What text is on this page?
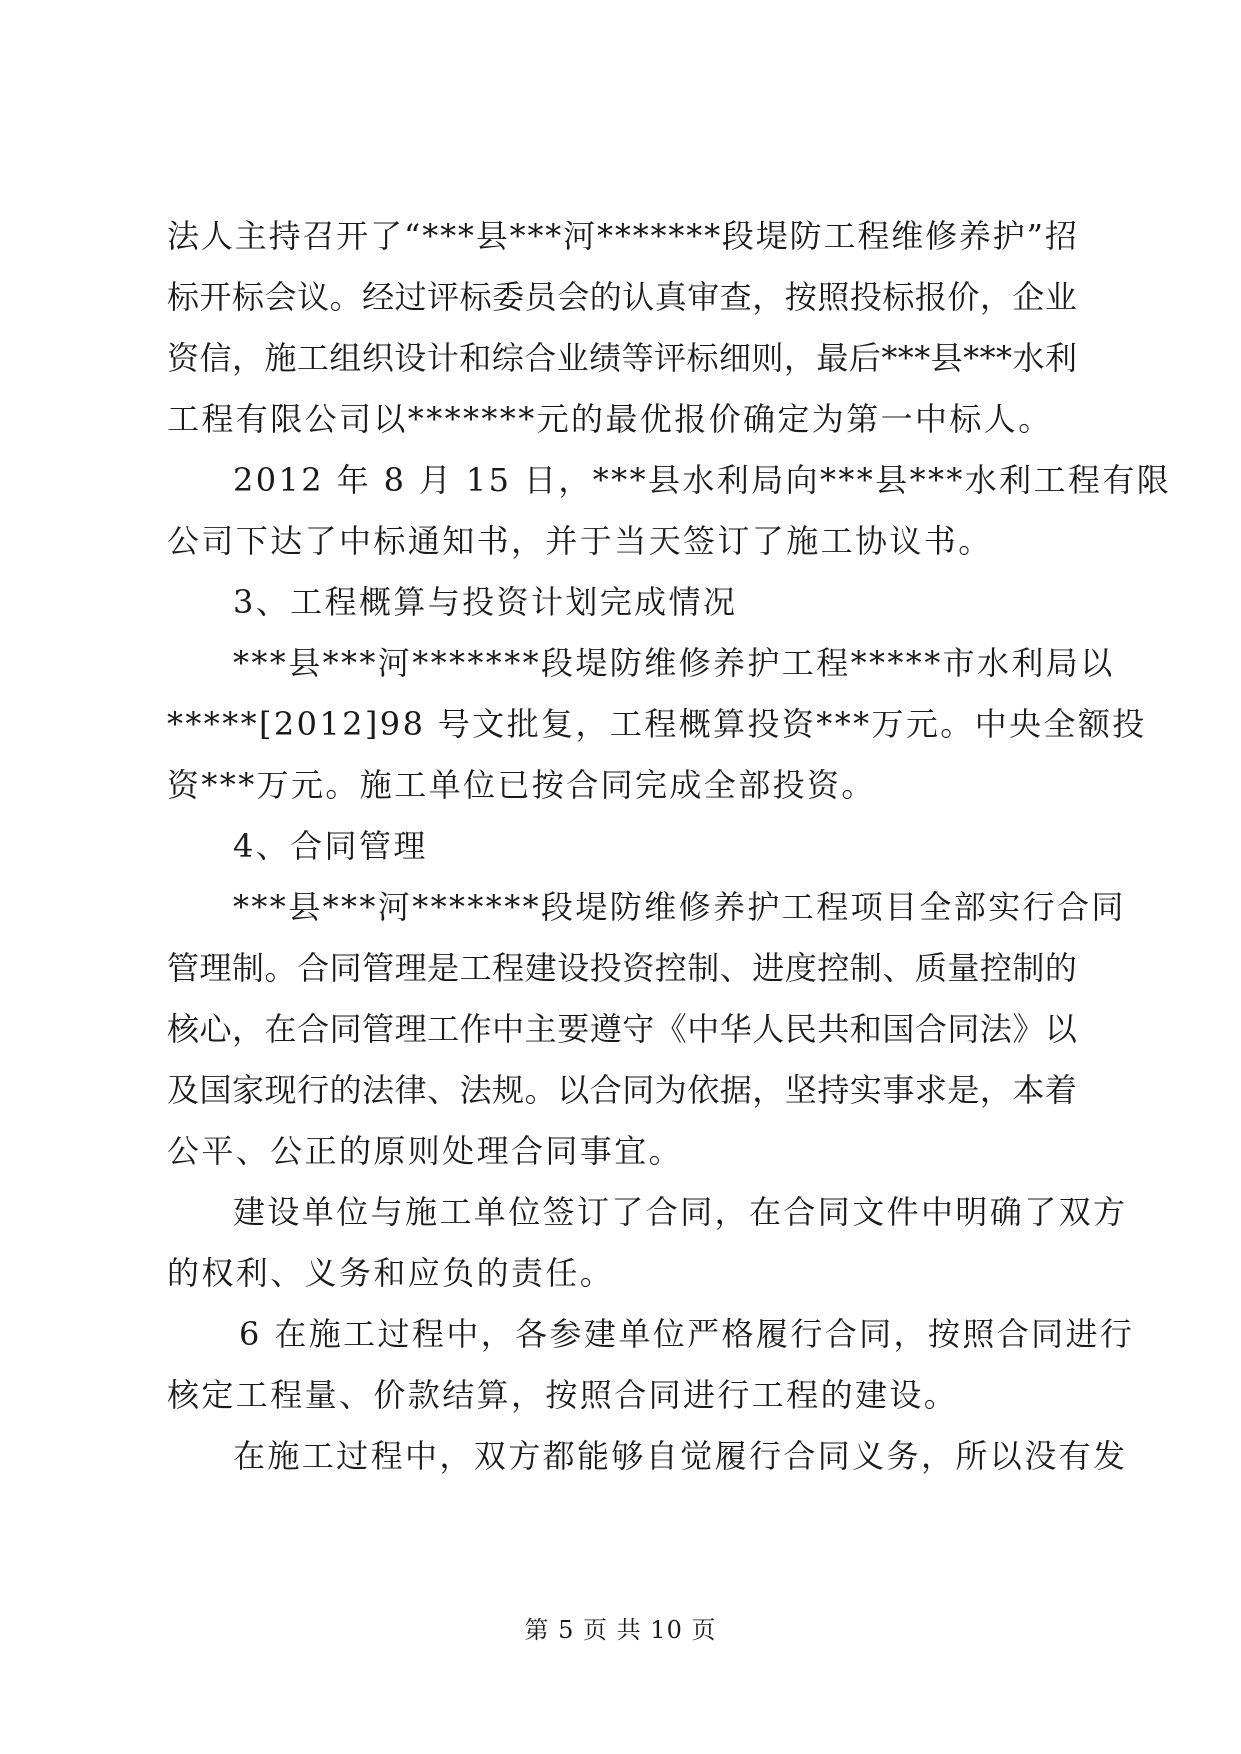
法 人 主 持 召 开 了 “ * * * 县 * * * 河 * * * * * * * 段 堤 防 工 程 维 修 养 护 ” 招
标 开 标 会 议 。 经 过 评 标 委 员 会 的 认 真 审 查 ， 按 照 投 标 报 价 ， 企 业
资 信 ， 施 工 组 织 设 计 和 综 合 业 绩 等 评 标 细 则 ， 最 后 * * * 县 * * * 水 利
工程有限公司以*******元的最优报价确定为第一中标人。
2012 年 8 月 15 日，***县水利局向***县***水利工程有限
公司下达了中标通知书，并于当天签订了施工协议书。
3、工程概算与投资计划完成情况
***县***河*******段堤防维修养护工程*****市水利局以
*****[2012]98 号文批复，工程概算投资***万元。中央全额投
资***万元。施工单位已按合同完成全部投资。
4、合同管理
***县***河*******段堤防维修养护工程项目全部实行合同
管 理 制 。 合 同 管 理 是 工 程 建 设 投 资 控 制 、 进 度 控 制 、 质 量 控 制 的
核 心 ， 在 合 同 管 理 工 作 中 主 要 遵 守 《 中 华 人 民 共 和 国 合 同 法 》 以
及 国 家 现 行 的 法 律 、 法 规 。 以 合 同 为 依 据 ， 坚 持 实 事 求 是 ， 本 着
公平、公正的原则处理合同事宜。
建设单位与施工单位签订了合同，在合同文件中明确了双方
的权利、义务和应负的责任。
6 在施工过程中，各参建单位严格履行合同，按照合同进行
核定工程量、价款结算，按照合同进行工程的建设。
在施工过程中，双方都能够自觉履行合同义务，所以没有发
第 5 页 共 10 页
